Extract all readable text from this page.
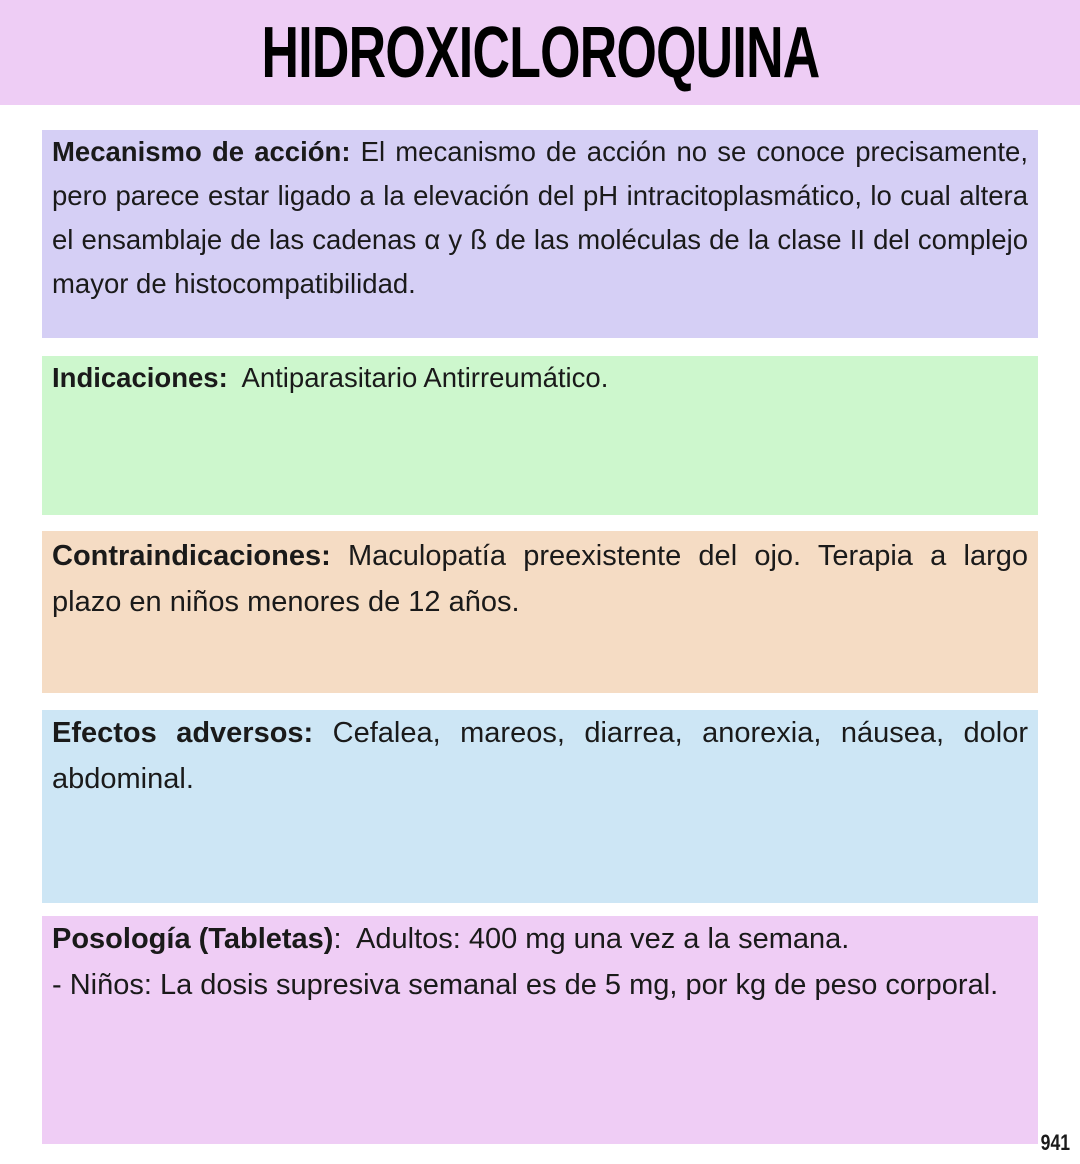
HIDROXICLOROQUINA
Mecanismo de acción: El mecanismo de acción no se conoce precisamente, pero parece estar ligado a la elevación del pH intracitoplasmático, lo cual altera el ensamblaje de las cadenas α y ß de las moléculas de la clase II del complejo mayor de histocompatibilidad.
Indicaciones:  Antiparasitario Antirreumático.
Contraindicaciones: Maculopatía preexistente del ojo. Terapia a largo plazo en niños menores de 12 años.
Efectos adversos: Cefalea, mareos, diarrea, anorexia, náusea, dolor abdominal.
Posología (Tabletas):  Adultos: 400 mg una vez a la semana.
- Niños: La dosis supresiva semanal es de 5 mg, por kg de peso corporal.
941
